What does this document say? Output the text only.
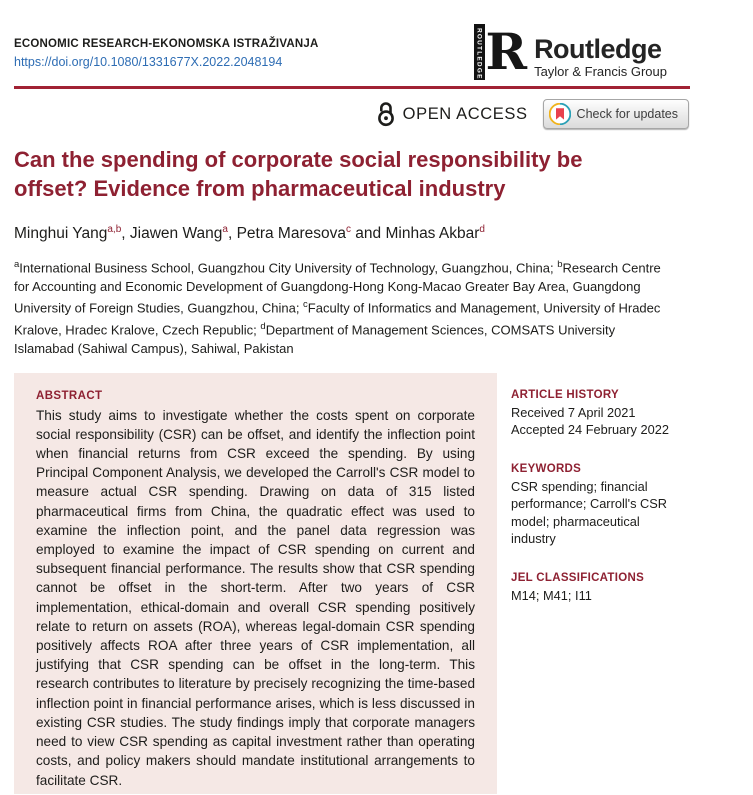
ECONOMIC RESEARCH-EKONOMSKA ISTRAŽIVANJA
https://doi.org/10.1080/1331677X.2022.2048194	ROUTLEDGE R Routledge
Taylor & Francis Group
OPEN ACCESS	Check for updates
Can the spending of corporate social responsibility be
offset? Evidence from pharmaceutical industry

Minghui Yang$^{a,b}$, Jiawen Wang$^a$, Petra Maresova$^c$ and Minhas Akbar$^d$

$^a$International Business School, Guangzhou City University of Technology, Guangzhou, China; $^b$Research Centre for Accounting and Economic Development of Guangdong-Hong Kong-Macao Greater Bay Area, Guangdong University of Foreign Studies, Guangzhou, China; $^c$Faculty of Informatics and Management, University of Hradec Kralove, Hradec Kralove, Czech Republic; $^d$Department of Management Sciences, COMSATS University Islamabad (Sahiwal Campus), Sahiwal, Pakistan

ABSTRACT

This study aims to investigate whether the costs spent on corporate social responsibility (CSR) can be offset, and identify the inflection point when financial returns from CSR exceed the spending. By using Principal Component Analysis, we developed the Carroll's CSR model to measure actual CSR spending. Drawing on data of 315 listed pharmaceutical firms from China, the quadratic effect was used to examine the inflection point, and the panel data regression was employed to examine the impact of CSR spending on current and subsequent financial performance. The results show that CSR spending cannot be offset in the short-term. After two years of CSR implementation, ethical-domain and overall CSR spending positively relate to return on assets (ROA), whereas legal-domain CSR spending positively affects ROA after three years of CSR implementation, all justifying that CSR spending can be offset in the long-term. This research contributes to literature by precisely recognizing the time-based inflection point in financial performance arises, which is less discussed in existing CSR studies. The study findings imply that corporate managers need to view CSR spending as capital investment rather than operating costs, and policy makers should mandate institutional arrangements to facilitate CSR.

ARTICLE HISTORY
Received 7 April 2021
Accepted 24 February 2022
KEYWORDS
CSR spending; financial performance; Carroll's CSR model; pharmaceutical industry
JEL CLASSIFICATIONS
M14; M41; I11
